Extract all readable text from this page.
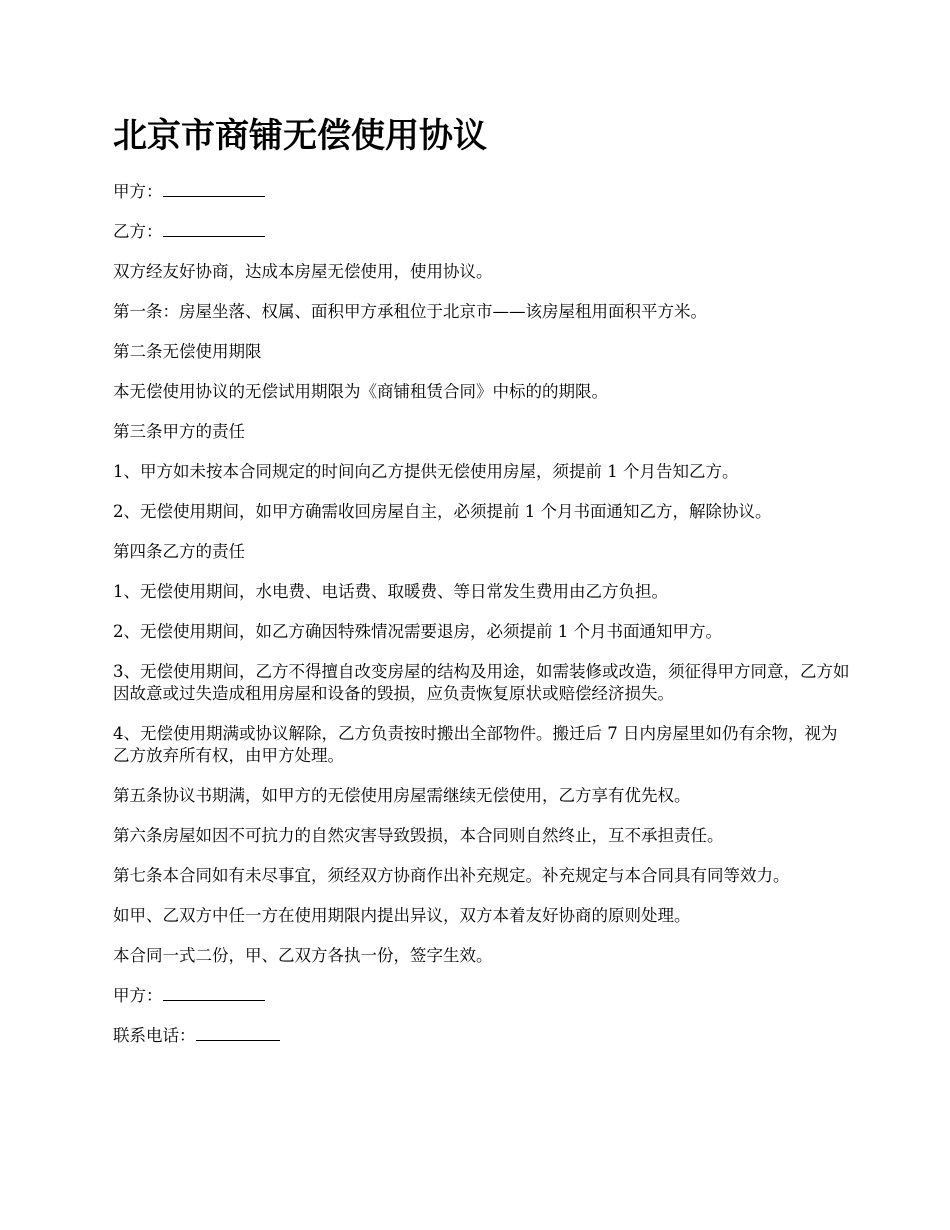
北京市商铺无偿使用协议

甲方：

乙方：

双方经友好协商，达成本房屋无偿使用，使用协议。

第一条：房屋坐落、权属、面积甲方承租位于北京市——该房屋租用面积平方米。

第二条无偿使用期限

本无偿使用协议的无偿试用期限为《商铺租赁合同》中标的的期限。

第三条甲方的责任

1、甲方如未按本合同规定的时间向乙方提供无偿使用房屋，须提前 1 个月告知乙方。

2、无偿使用期间，如甲方确需收回房屋自主，必须提前 1 个月书面通知乙方，解除协议。

第四条乙方的责任

1、无偿使用期间，水电费、电话费、取暖费、等日常发生费用由乙方负担。

2、无偿使用期间，如乙方确因特殊情况需要退房，必须提前 1 个月书面通知甲方。

3、无偿使用期间，乙方不得擅自改变房屋的结构及用途，如需装修或改造，须征得甲方同意，乙方如因故意或过失造成租用房屋和设备的毁损，应负责恢复原状或赔偿经济损失。

4、无偿使用期满或协议解除，乙方负责按时搬出全部物件。搬迁后 7 日内房屋里如仍有余物，视为乙方放弃所有权，由甲方处理。

第五条协议书期满，如甲方的无偿使用房屋需继续无偿使用，乙方享有优先权。

第六条房屋如因不可抗力的自然灾害导致毁损，本合同则自然终止，互不承担责任。

第七条本合同如有未尽事宜，须经双方协商作出补充规定。补充规定与本合同具有同等效力。

如甲、乙双方中任一方在使用期限内提出异议，双方本着友好协商的原则处理。

本合同一式二份，甲、乙双方各执一份，签字生效。

甲方：

联系电话：
